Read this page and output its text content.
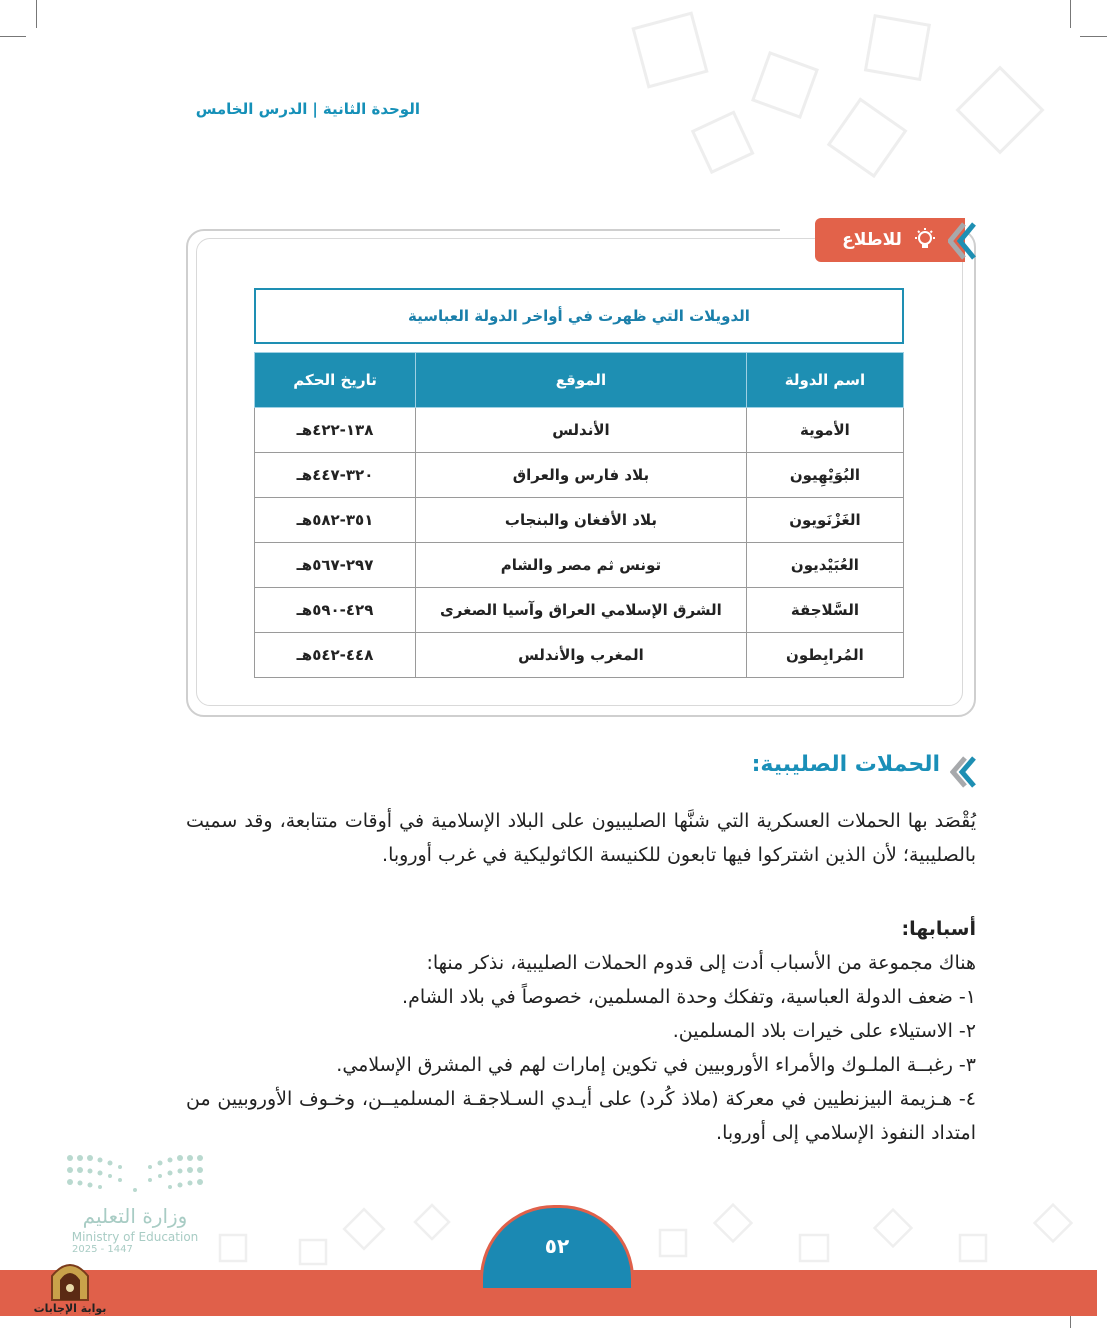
الوحدة الثانية|الدرس الخامس
للاطلاع
الدويلات التي ظهرت في أواخر الدولة العباسية
اسم الدولة	الموقع	تاريخ الحكم
الأموية	الأندلس	١٣٨-٤٢٢هـ
البُوَيْهِيون	بلاد فارس والعراق	٣٢٠-٤٤٧هـ
الغَزْنَويون	بلاد الأفغان والبنجاب	٣٥١-٥٨٢هـ
العُبَيْديون	تونس ثم مصر والشام	٢٩٧-٥٦٧هـ
السَّلاجقة	الشرق الإسلامي العراق وآسيا الصغرى	٤٢٩-٥٩٠هـ
المُرابِطون	المغرب والأندلس	٤٤٨-٥٤٢هـ
الحملات الصليبية:
يُقْصَد بها الحملات العسكرية التي شنَّها الصليبيون على البلاد الإسلامية في أوقات متتابعة، وقد سميت بالصليبية؛ لأن الذين اشتركوا فيها تابعون للكنيسة الكاثوليكية في غرب أوروبا.
أسبابها:
هناك مجموعة من الأسباب أدت إلى قدوم الحملات الصليبية، نذكر منها:
١- ضعف الدولة العباسية، وتفكك وحدة المسلمين، خصوصاً في بلاد الشام.
٢- الاستيلاء على خيرات بلاد المسلمين.
٣- رغبــة الملـوك والأمراء الأوروبيين في تكوين إمارات لهم في المشرق الإسلامي.
٤- هـزيمة البيزنطيين في معركة (ملاذ كُرد) على أيـدي السـلاجقـة المسلميــن، وخـوف الأوروبيين من امتداد النفوذ الإسلامي إلى أوروبا.
٥٢
وزارة التعليم
Ministry of Education
2025 - 1447
بوابة الإجابات
